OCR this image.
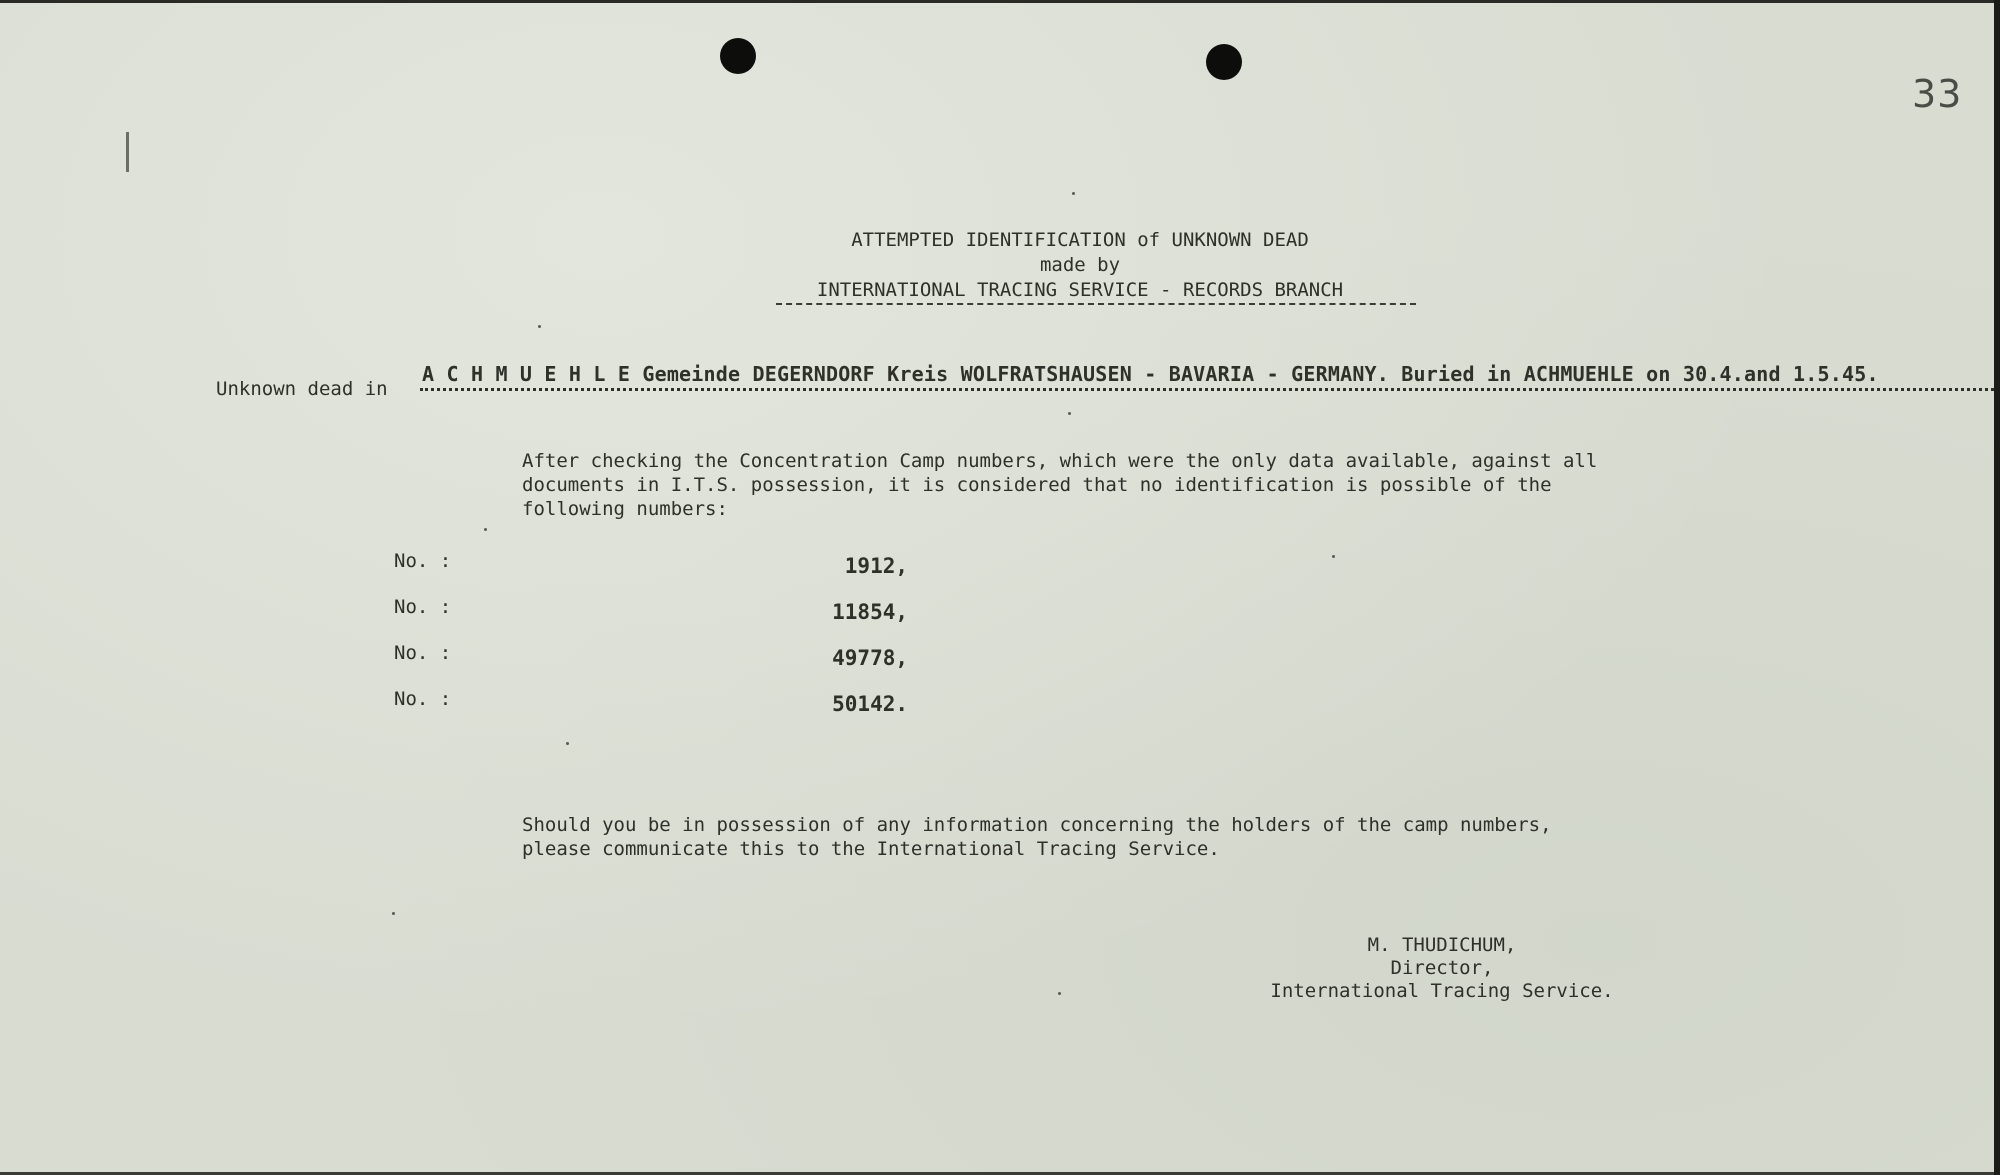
33
ATTEMPTED IDENTIFICATION of UNKNOWN DEAD
made by
INTERNATIONAL TRACING SERVICE - RECORDS BRANCH
Unknown dead in
A C H M U E H L E Gemeinde DEGERNDORF Kreis WOLFRATSHAUSEN - BAVARIA - GERMANY. Buried in ACHMUEHLE on 30.4.and 1.5.45.
After checking the Concentration Camp numbers, which were the only data available, against all
documents in I.T.S. possession, it is considered that no identification is possible of the
following numbers:
No. :	1912,
No. :	11854,
No. :	49778,
No. :	50142.
Should you be in possession of any information concerning the holders of the camp numbers,
please communicate this to the International Tracing Service.
M. THUDICHUM,
Director,
International Tracing Service.
